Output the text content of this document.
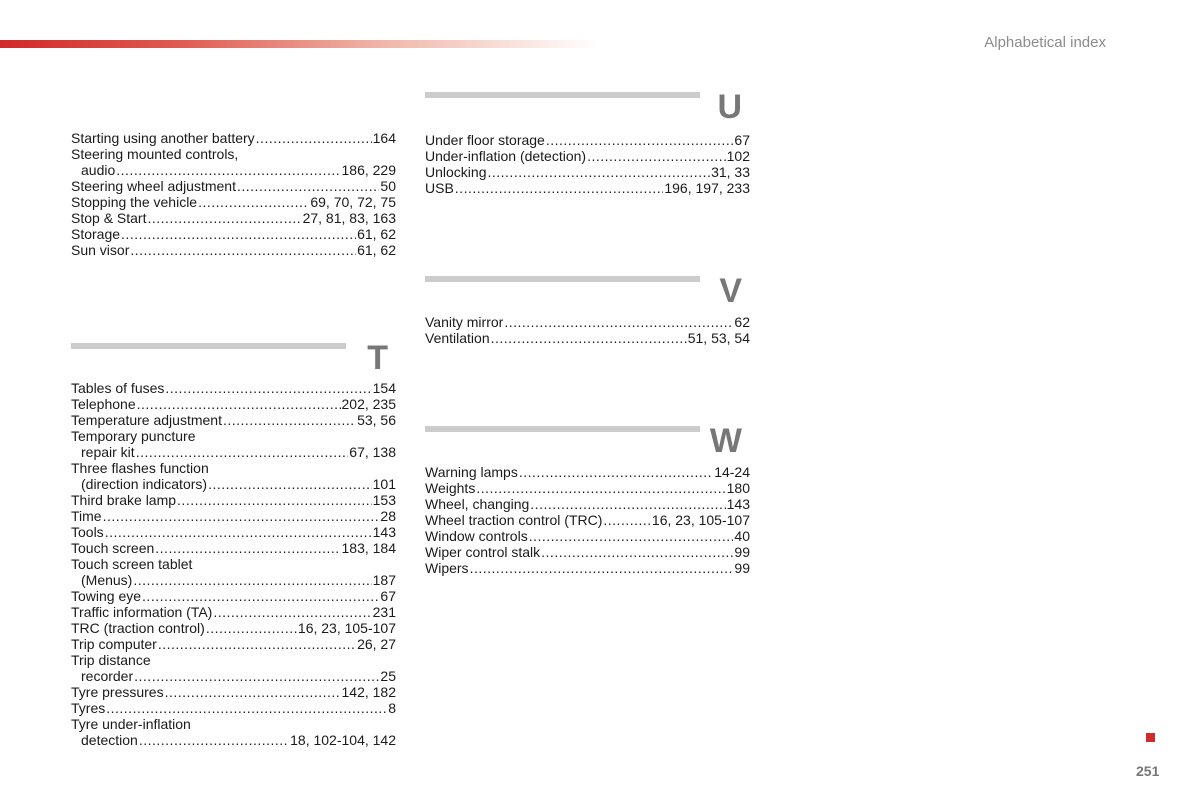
Alphabetical index
T
U
V
W
Starting using another battery .....	164
Steering mounted controls,
audio .....	186, 229
Steering wheel adjustment .....	50
Stopping the vehicle .....	69, 70, 72, 75
Stop & Start .....	27, 81, 83, 163
Storage .....	61, 62
Sun visor .....	61, 62
Tables of fuses .....	154
Telephone .....	202, 235
Temperature adjustment .....	53, 56
Temporary puncture
repair kit .....	67, 138
Three flashes function
(direction indicators) .....	101
Third brake lamp .....	153
Time .....	28
Tools .....	143
Touch screen .....	183, 184
Touch screen tablet
(Menus) .....	187
Towing eye .....	67
Traffic information (TA) .....	231
TRC (traction control) .....	16, 23, 105-107
Trip computer .....	26, 27
Trip distance
recorder .....	25
Tyre pressures .....	142, 182
Tyres .....	8
Tyre under-inflation
detection .....	18, 102-104, 142
Under floor storage .....	67
Under-inflation (detection) .....	102
Unlocking .....	31, 33
USB .....	196, 197, 233
Vanity mirror .....	62
Ventilation .....	51, 53, 54
Warning lamps .....	14-24
Weights .....	180
Wheel, changing .....	143
Wheel traction control (TRC) .....	16, 23, 105-107
Window controls .....	40
Wiper control stalk .....	99
Wipers .....	99
251
